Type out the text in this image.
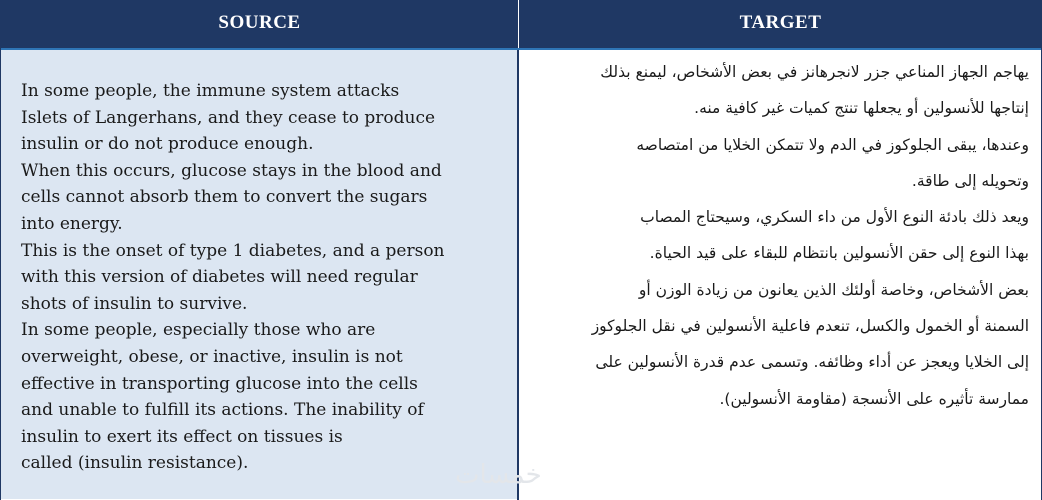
SOURCE	TARGET

In some people, the immune system attacks
Islets of Langerhans, and they cease to produce
insulin or do not produce enough.
When this occurs, glucose stays in the blood and
cells cannot absorb them to convert the sugars
into energy.
This is the onset of type 1 diabetes, and a person
with this version of diabetes will need regular
shots of insulin to survive.
In some people, especially those who are
overweight, obese, or inactive, insulin is not
effective in transporting glucose into the cells
and unable to fulfill its actions. The inability of
insulin to exert its effect on tissues is
called (insulin resistance).

يهاجم الجهاز المناعي جزر لانجرهانز في بعض الأشخاص، ليمنع بذلك
إنتاجها للأنسولين أو يجعلها تنتج كميات غير كافية منه.
وعندها، يبقى الجلوكوز في الدم ولا تتمكن الخلايا من امتصاصه
وتحويله إلى طاقة.
ويعد ذلك بادئة النوع الأول من داء السكري، وسيحتاج المصاب
بهذا النوع إلى حقن الأنسولين بانتظام للبقاء على قيد الحياة.
بعض الأشخاص، وخاصة أولئك الذين يعانون من زيادة الوزن أو
السمنة أو الخمول والكسل، تنعدم فاعلية الأنسولين في نقل الجلوكوز
إلى الخلايا ويعجز عن أداء وظائفه. وتسمى عدم قدرة الأنسولين على
ممارسة تأثيره على الأنسجة (مقاومة الأنسولين).

خمسات
